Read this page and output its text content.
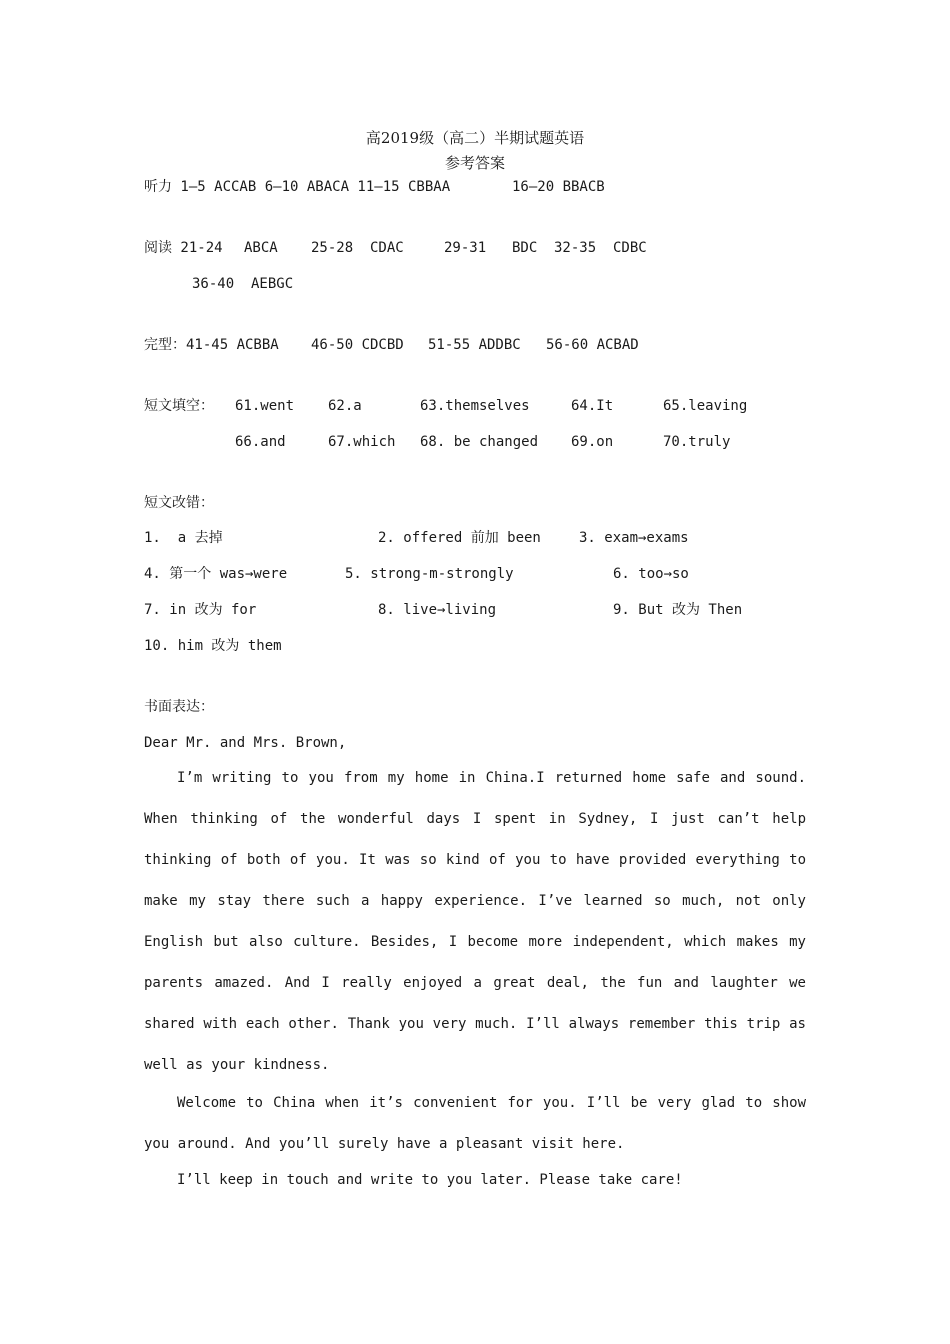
高2019级（高二）半期试题英语
参考答案
听力 1—5 ACCAB 6—10 ABACA 11—15 CBBAA	16—20 BBACB
阅读 21-24 ABCA 25-28  CDAC	29-31 BDC 32-35  CDBC
36-40  AEBGC
完型：41-45 ACBBA 46-50 CDCBD 51-55 ADDBC 56-60 ACBAD
短文填空： 61.went 62.a	63.themselves	64.It	65.leaving
66.and	67.which 68. be changed 69.on	70.truly
短文改错：
1.  a 去掉	2. offered 前加 been	3. exam→exams
4. 第一个 was→were	5. strong-m-strongly	6. too→so
7. in 改为 for	8. live→living	9. But 改为 Then
10. him 改为 them
书面表达：
Dear Mr. and Mrs. Brown,
I’m writing to you from my home in China.I returned home safe and sound. When thinking of the wonderful days I spent in Sydney, I just can’t help thinking of both of you. It was so kind of you to have provided everything to make my stay there such a happy experience. I’ve learned so much, not only English but also culture. Besides, I become more independent, which makes my parents amazed. And I really enjoyed a great deal, the fun and laughter we shared with each other. Thank you very much. I’ll always remember this trip as well as your kindness.
Welcome to China when it’s convenient for you. I’ll be very glad to show you around. And you’ll surely have a pleasant visit here.
I’ll keep in touch and write to you later. Please take care!
